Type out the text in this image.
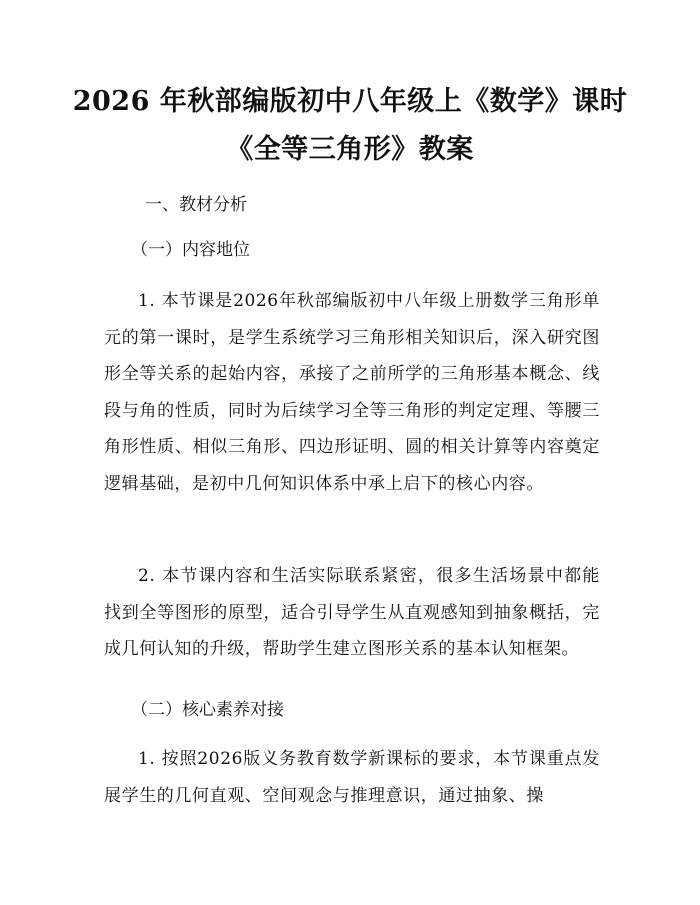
2026 年秋部编版初中八年级上《数学》课时
《全等三角形》教案
一、教材分析
（一）内容地位
1. 本节课是2026年秋部编版初中八年级上册数学三角形单元的第一课时，是学生系统学习三角形相关知识后，深入研究图形全等关系的起始内容，承接了之前所学的三角形基本概念、线段与角的性质，同时为后续学习全等三角形的判定定理、等腰三角形性质、相似三角形、四边形证明、圆的相关计算等内容奠定逻辑基础，是初中几何知识体系中承上启下的核心内容。
2. 本节课内容和生活实际联系紧密，很多生活场景中都能找到全等图形的原型，适合引导学生从直观感知到抽象概括，完成几何认知的升级，帮助学生建立图形关系的基本认知框架。
（二）核心素养对接
1. 按照2026版义务教育数学新课标的要求，本节课重点发展学生的几何直观、空间观念与推理意识，通过抽象、操
